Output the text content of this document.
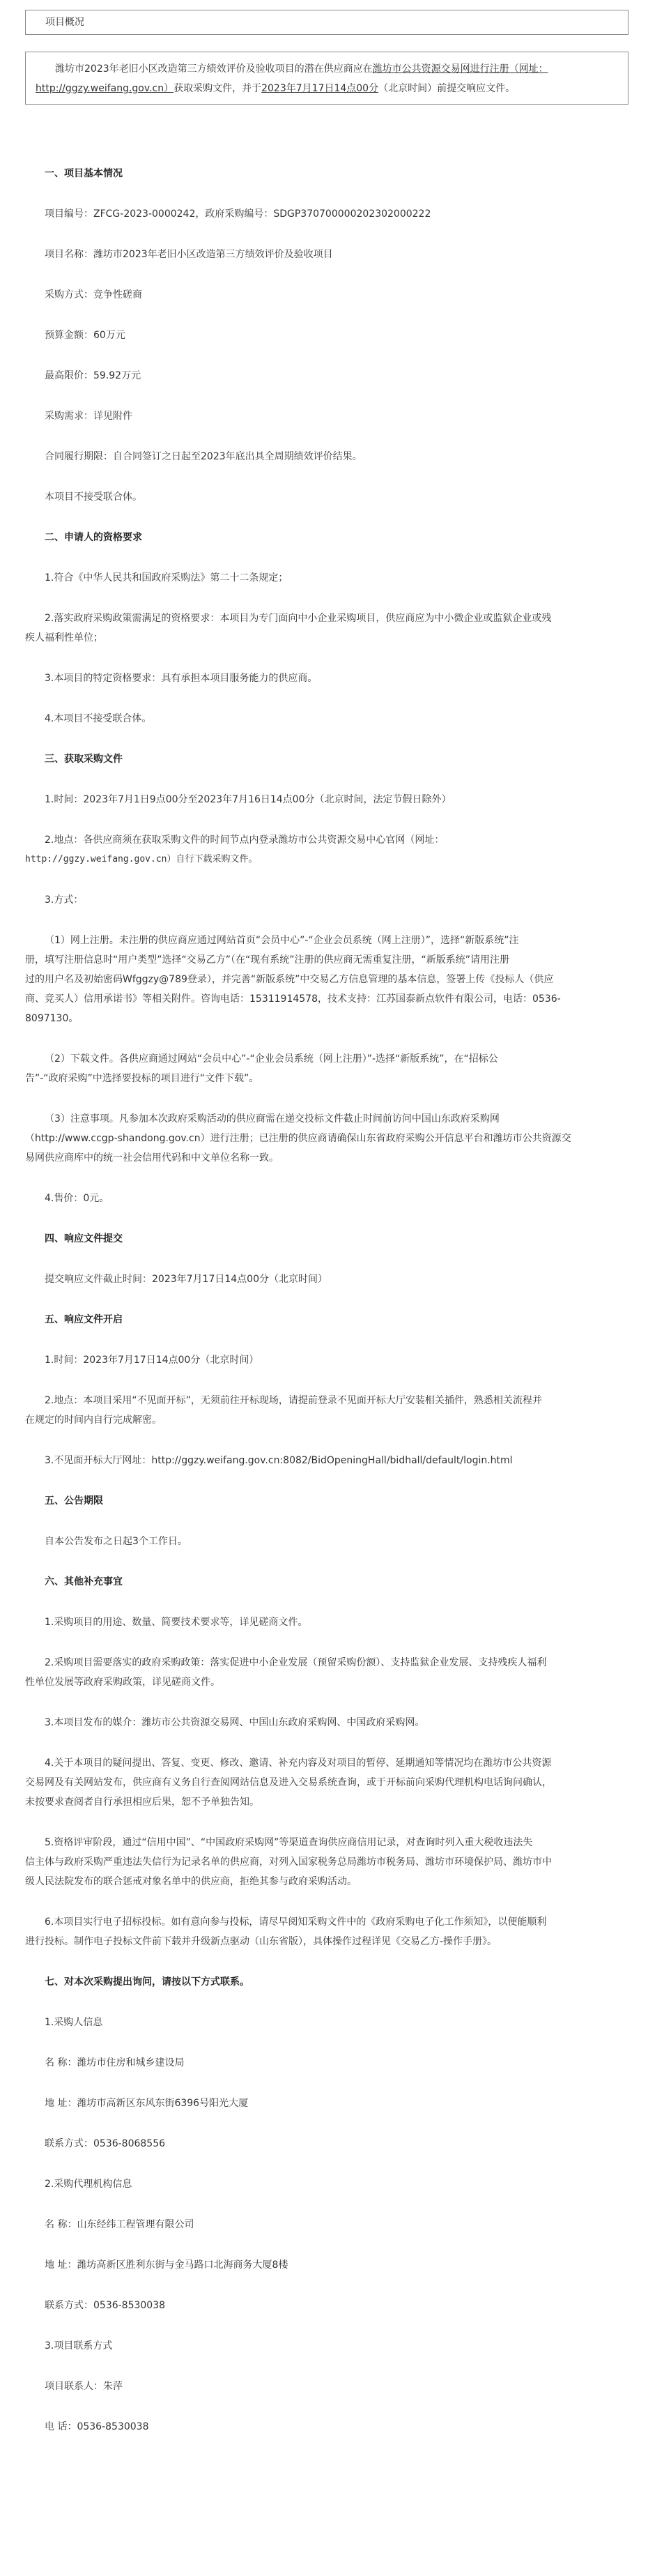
项目概况

潍坊市2023年老旧小区改造第三方绩效评价及验收项目的潜在供应商应在潍坊市公共资源交易网进行注册（网址：
http://ggzy.weifang.gov.cn）获取采购文件，并于2023年7月17日14点00分（北京时间）前提交响应文件。

一、项目基本情况

项目编号：ZFCG-2023-0000242，政府采购编号：SDGP370700000202302000222

项目名称：潍坊市2023年老旧小区改造第三方绩效评价及验收项目

采购方式：竞争性磋商

预算金额：60万元

最高限价：59.92万元

采购需求：详见附件

合同履行期限：自合同签订之日起至2023年底出具全周期绩效评价结果。

本项目不接受联合体。

二、申请人的资格要求

1.符合《中华人民共和国政府采购法》第二十二条规定；

2.落实政府采购政策需满足的资格要求：本项目为专门面向中小企业采购项目，供应商应为中小微企业或监狱企业或残

疾人福利性单位；

3.本项目的特定资格要求：具有承担本项目服务能力的供应商。

4.本项目不接受联合体。

三、获取采购文件

1.时间：2023年7月1日9点00分至2023年7月16日14点00分（北京时间，法定节假日除外）

2.地点：各供应商须在获取采购文件的时间节点内登录潍坊市公共资源交易中心官网（网址：

http://ggzy.weifang.gov.cn）自行下载采购文件。

3.方式：

（1）网上注册。未注册的供应商应通过网站首页“会员中心”-“企业会员系统（网上注册）”，选择“新版系统”注

册，填写注册信息时“用户类型”选择“交易乙方”（在“现有系统”注册的供应商无需重复注册，“新版系统”请用注册

过的用户名及初始密码Wfggzy@789登录），并完善“新版系统”中交易乙方信息管理的基本信息，签署上传《投标人（供应

商、竞买人）信用承诺书》等相关附件。咨询电话：15311914578，技术支持：江苏国泰新点软件有限公司，电话：0536-

8097130。

（2）下载文件。各供应商通过网站“会员中心”-“企业会员系统（网上注册）”-选择“新版系统”，在“招标公

告”-“政府采购”中选择要投标的项目进行“文件下载”。

（3）注意事项。凡参加本次政府采购活动的供应商需在递交投标文件截止时间前访问中国山东政府采购网

（http://www.ccgp-shandong.gov.cn）进行注册；已注册的供应商请确保山东省政府采购公开信息平台和潍坊市公共资源交

易网供应商库中的统一社会信用代码和中文单位名称一致。

4.售价：0元。

四、响应文件提交

提交响应文件截止时间：2023年7月17日14点00分（北京时间）

五、响应文件开启

1.时间：2023年7月17日14点00分（北京时间）

2.地点：本项目采用“不见面开标”，无须前往开标现场，请提前登录不见面开标大厅安装相关插件，熟悉相关流程并

在规定的时间内自行完成解密。

3.不见面开标大厅网址：http://ggzy.weifang.gov.cn:8082/BidOpeningHall/bidhall/default/login.html

五、公告期限

自本公告发布之日起3个工作日。

六、其他补充事宜

1.采购项目的用途、数量、简要技术要求等，详见磋商文件。

2.采购项目需要落实的政府采购政策：落实促进中小企业发展（预留采购份额）、支持监狱企业发展、支持残疾人福利

性单位发展等政府采购政策，详见磋商文件。

3.本项目发布的媒介：潍坊市公共资源交易网、中国山东政府采购网、中国政府采购网。

4.关于本项目的疑问提出、答复、变更、修改、邀请、补充内容及对项目的暂停、延期通知等情况均在潍坊市公共资源

交易网及有关网站发布，供应商有义务自行查阅网站信息及进入交易系统查询，或于开标前向采购代理机构电话询问确认，

未按要求查阅者自行承担相应后果，恕不予单独告知。

5.资格评审阶段，通过“信用中国”、“中国政府采购网”等渠道查询供应商信用记录，对查询时列入重大税收违法失

信主体与政府采购严重违法失信行为记录名单的供应商，对列入国家税务总局潍坊市税务局、潍坊市环境保护局、潍坊市中

级人民法院发布的联合惩戒对象名单中的供应商，拒绝其参与政府采购活动。

6.本项目实行电子招标投标。如有意向参与投标，请尽早阅知采购文件中的《政府采购电子化工作须知》，以便能顺利

进行投标。制作电子投标文件前下载并升级新点驱动（山东省版），具体操作过程详见《交易乙方-操作手册》。

七、对本次采购提出询问，请按以下方式联系。

1.采购人信息

名 称：潍坊市住房和城乡建设局

地 址：潍坊市高新区东风东街6396号阳光大厦

联系方式：0536-8068556

2.采购代理机构信息

名 称：山东经纬工程管理有限公司

地 址：潍坊高新区胜利东街与金马路口北海商务大厦8楼

联系方式：0536-8530038

3.项目联系方式

项目联系人：朱萍

电 话：0536-8530038
